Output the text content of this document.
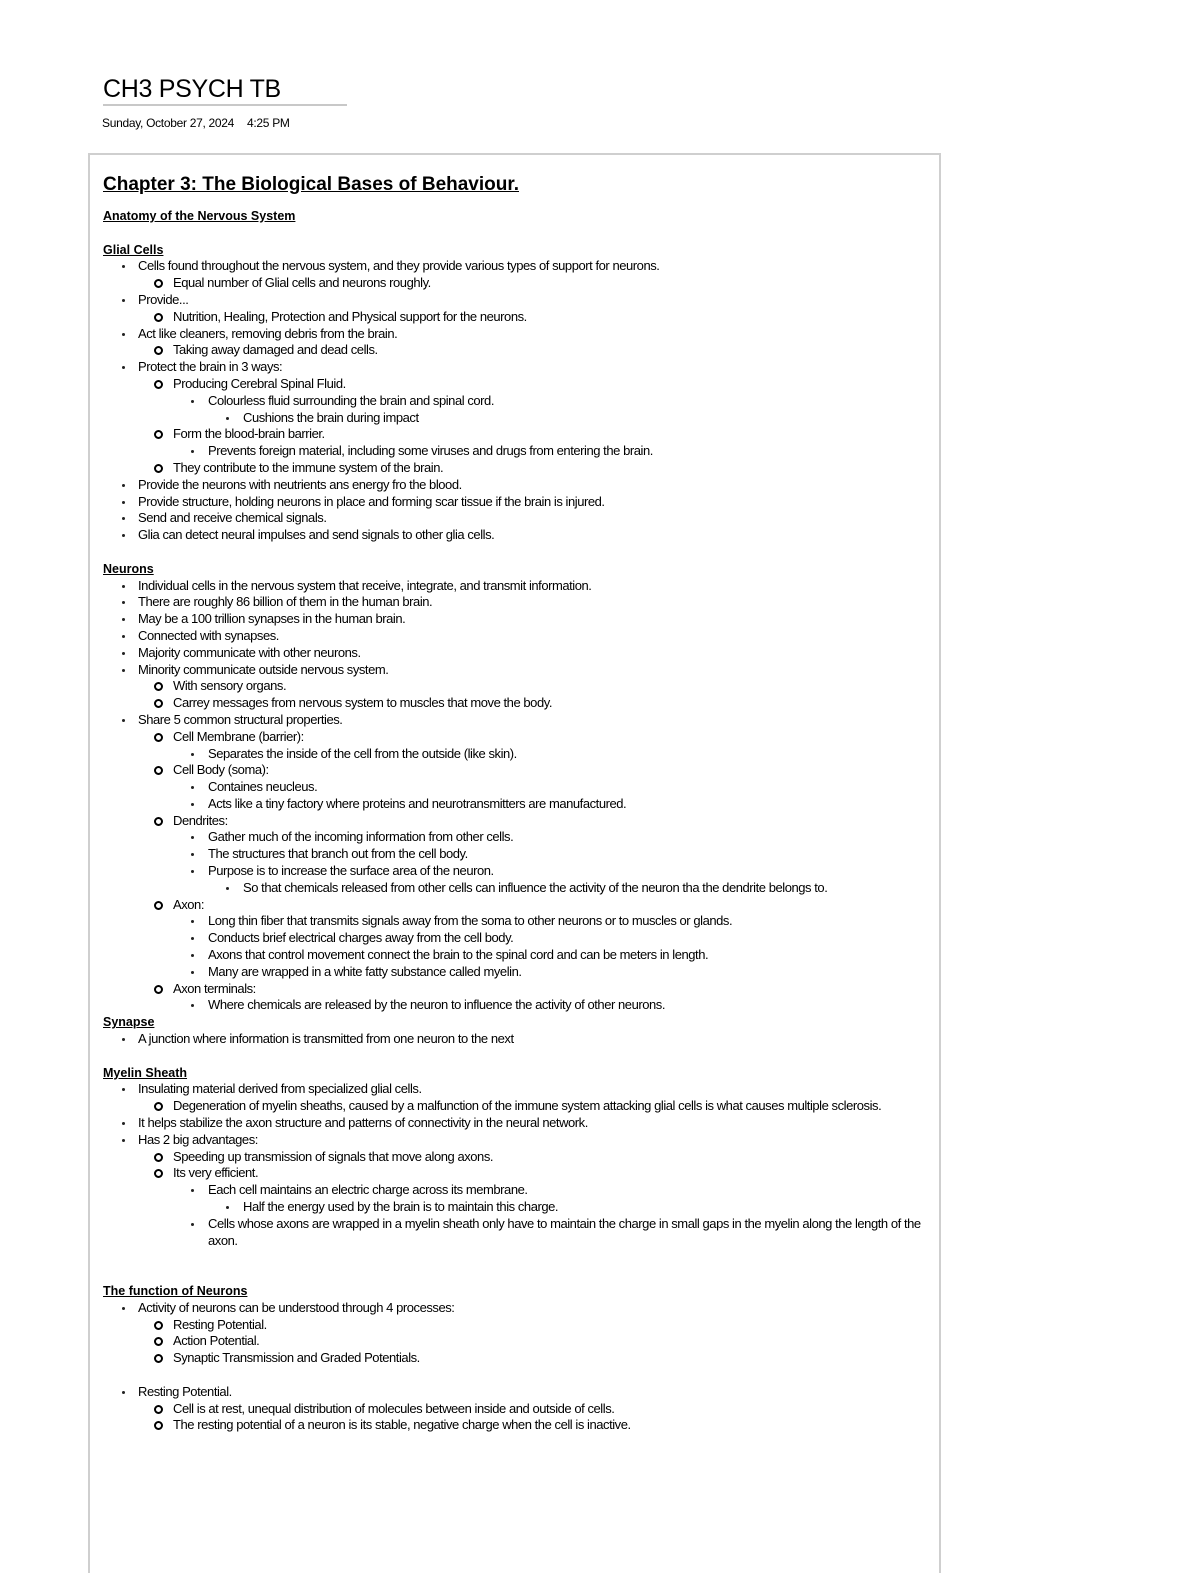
CH3 PSYCH TB
Sunday, October 27, 2024 4:25 PM
Chapter 3: The Biological Bases of Behaviour.
Anatomy of the Nervous System
Glial Cells
Cells found throughout the nervous system, and they provide various types of support for neurons.
Equal number of Glial cells and neurons roughly.
Provide...
Nutrition, Healing, Protection and Physical support for the neurons.
Act like cleaners, removing debris from the brain.
Taking away damaged and dead cells.
Protect the brain in 3 ways:
Producing Cerebral Spinal Fluid.
Colourless fluid surrounding the brain and spinal cord.
Cushions the brain during impact
Form the blood-brain barrier.
Prevents foreign material, including some viruses and drugs from entering the brain.
They contribute to the immune system of the brain.
Provide the neurons with neutrients ans energy fro the blood.
Provide structure, holding neurons in place and forming scar tissue if the brain is injured.
Send and receive chemical signals.
Glia can detect neural impulses and send signals to other glia cells.
Neurons
Individual cells in the nervous system that receive, integrate, and transmit information.
There are roughly 86 billion of them in the human brain.
May be a 100 trillion synapses in the human brain.
Connected with synapses.
Majority communicate with other neurons.
Minority communicate outside nervous system.
With sensory organs.
Carrey messages from nervous system to muscles that move the body.
Share 5 common structural properties.
Cell Membrane (barrier):
Separates the inside of the cell from the outside (like skin).
Cell Body (soma):
Containes neucleus.
Acts like a tiny factory where proteins and neurotransmitters are manufactured.
Dendrites:
Gather much of the incoming information from other cells.
The structures that branch out from the cell body.
Purpose is to increase the surface area of the neuron.
So that chemicals released from other cells can influence the activity of the neuron tha the dendrite belongs to.
Axon:
Long thin fiber that transmits signals away from the soma to other neurons or to muscles or glands.
Conducts brief electrical charges away from the cell body.
Axons that control movement connect the brain to the spinal cord and can be meters in length.
Many are wrapped in a white fatty substance called myelin.
Axon terminals:
Where chemicals are released by the neuron to influence the activity of other neurons.
Synapse
A junction where information is transmitted from one neuron to the next
Myelin Sheath
Insulating material derived from specialized glial cells.
Degeneration of myelin sheaths, caused by a malfunction of the immune system attacking glial cells is what causes multiple sclerosis.
It helps stabilize the axon structure and patterns of connectivity in the neural network.
Has 2 big advantages:
Speeding up transmission of signals that move along axons.
Its very efficient.
Each cell maintains an electric charge across its membrane.
Half the energy used by the brain is to maintain this charge.
Cells whose axons are wrapped in a myelin sheath only have to maintain the charge in small gaps in the myelin along the length of the axon.
The function of Neurons
Activity of neurons can be understood through 4 processes:
Resting Potential.
Action Potential.
Synaptic Transmission and Graded Potentials.
Resting Potential.
Cell is at rest, unequal distribution of molecules between inside and outside of cells.
The resting potential of a neuron is its stable, negative charge when the cell is inactive.
